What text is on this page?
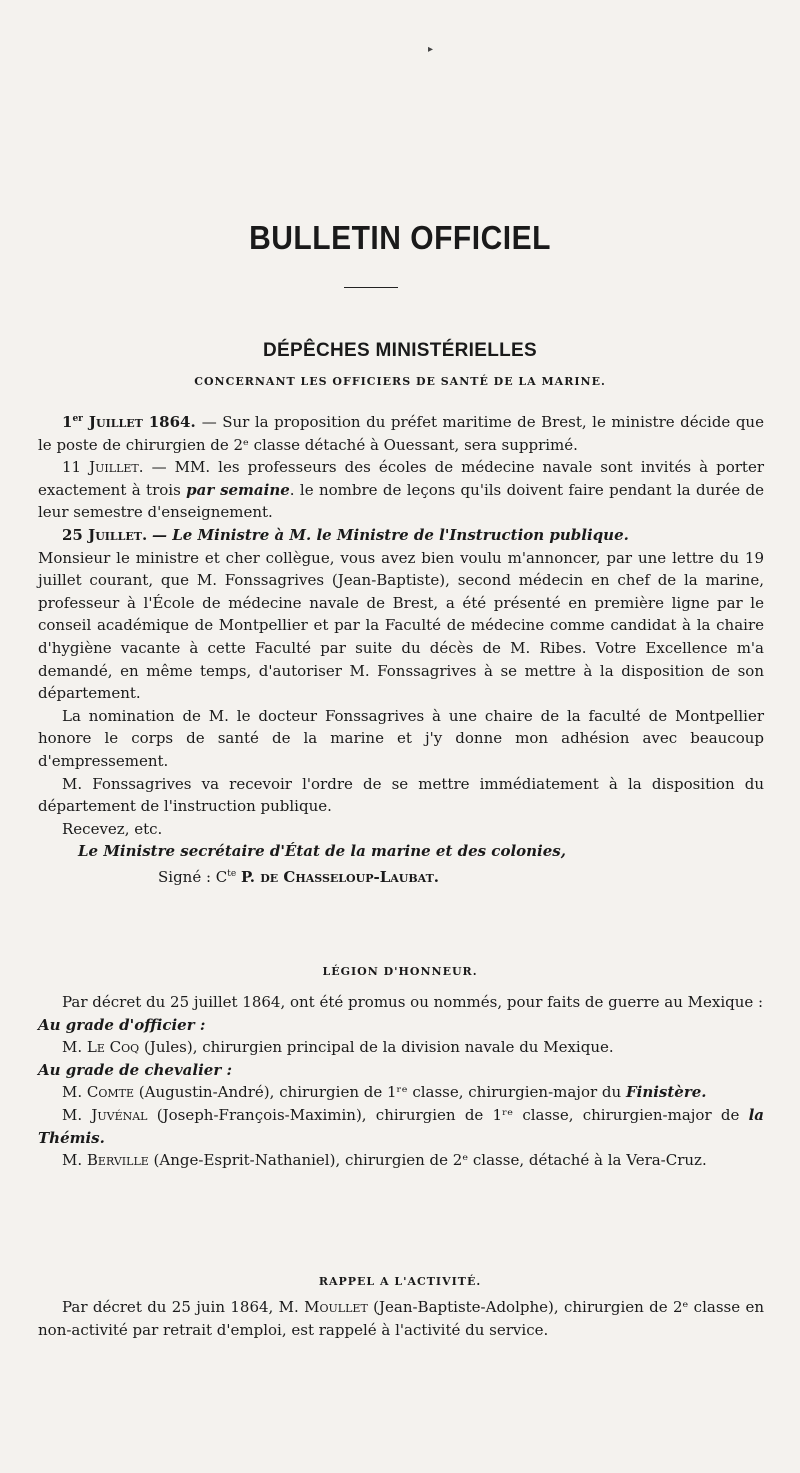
▸
BULLETIN OFFICIEL
DÉPÊCHES MINISTÉRIELLES
CONCERNANT LES OFFICIERS DE SANTÉ DE LA MARINE.

1er Juillet 1864. — Sur la proposition du préfet maritime de Brest, le ministre décide que le poste de chirurgien de 2ᵉ classe détaché à Ouessant, sera supprimé.

11 Juillet. — MM. les professeurs des écoles de médecine navale sont invités à porter exactement à trois par semaine. le nombre de leçons qu'ils doivent faire pendant la durée de leur semestre d'enseignement.

25 Juillet. — Le Ministre à M. le Ministre de l'Instruction publique.

Monsieur le ministre et cher collègue, vous avez bien voulu m'annoncer, par une lettre du 19 juillet courant, que M. Fonssagrives (Jean-Baptiste), second médecin en chef de la marine, professeur à l'École de médecine navale de Brest, a été présenté en première ligne par le conseil académique de Montpellier et par la Faculté de médecine comme candidat à la chaire d'hygiène vacante à cette Faculté par suite du décès de M. Ribes. Votre Excellence m'a demandé, en même temps, d'autoriser M. Fonssagrives à se mettre à la disposition de son département.

La nomination de M. le docteur Fonssagrives à une chaire de la faculté de Montpellier honore le corps de santé de la marine et j'y donne mon adhésion avec beaucoup d'empressement.

M. Fonssagrives va recevoir l'ordre de se mettre immédiatement à la disposition du département de l'instruction publique.

Recevez, etc.

Le Ministre secrétaire d'État de la marine et des colonies,

Signé : $C^{te}$ P. de Chasseloup-Laubat.

LÉGION D'HONNEUR.

Par décret du 25 juillet 1864, ont été promus ou nommés, pour faits de guerre au Mexique :

Au grade d'officier :

M. Le Coq (Jules), chirurgien principal de la division navale du Mexique.

Au grade de chevalier :

M. Comte (Augustin-André), chirurgien de 1ʳᵉ classe, chirurgien-major du Finistère.

M. Juvénal (Joseph-François-Maximin), chirurgien de 1ʳᵉ classe, chirurgien-major de la Thémis.

M. Berville (Ange-Esprit-Nathaniel), chirurgien de 2ᵉ classe, détaché à la Vera-Cruz.

RAPPEL A L'ACTIVITÉ.

Par décret du 25 juin 1864, M. Moullet (Jean-Baptiste-Adolphe), chirurgien de 2ᵉ classe en non-activité par retrait d'emploi, est rappelé à l'activité du service.
